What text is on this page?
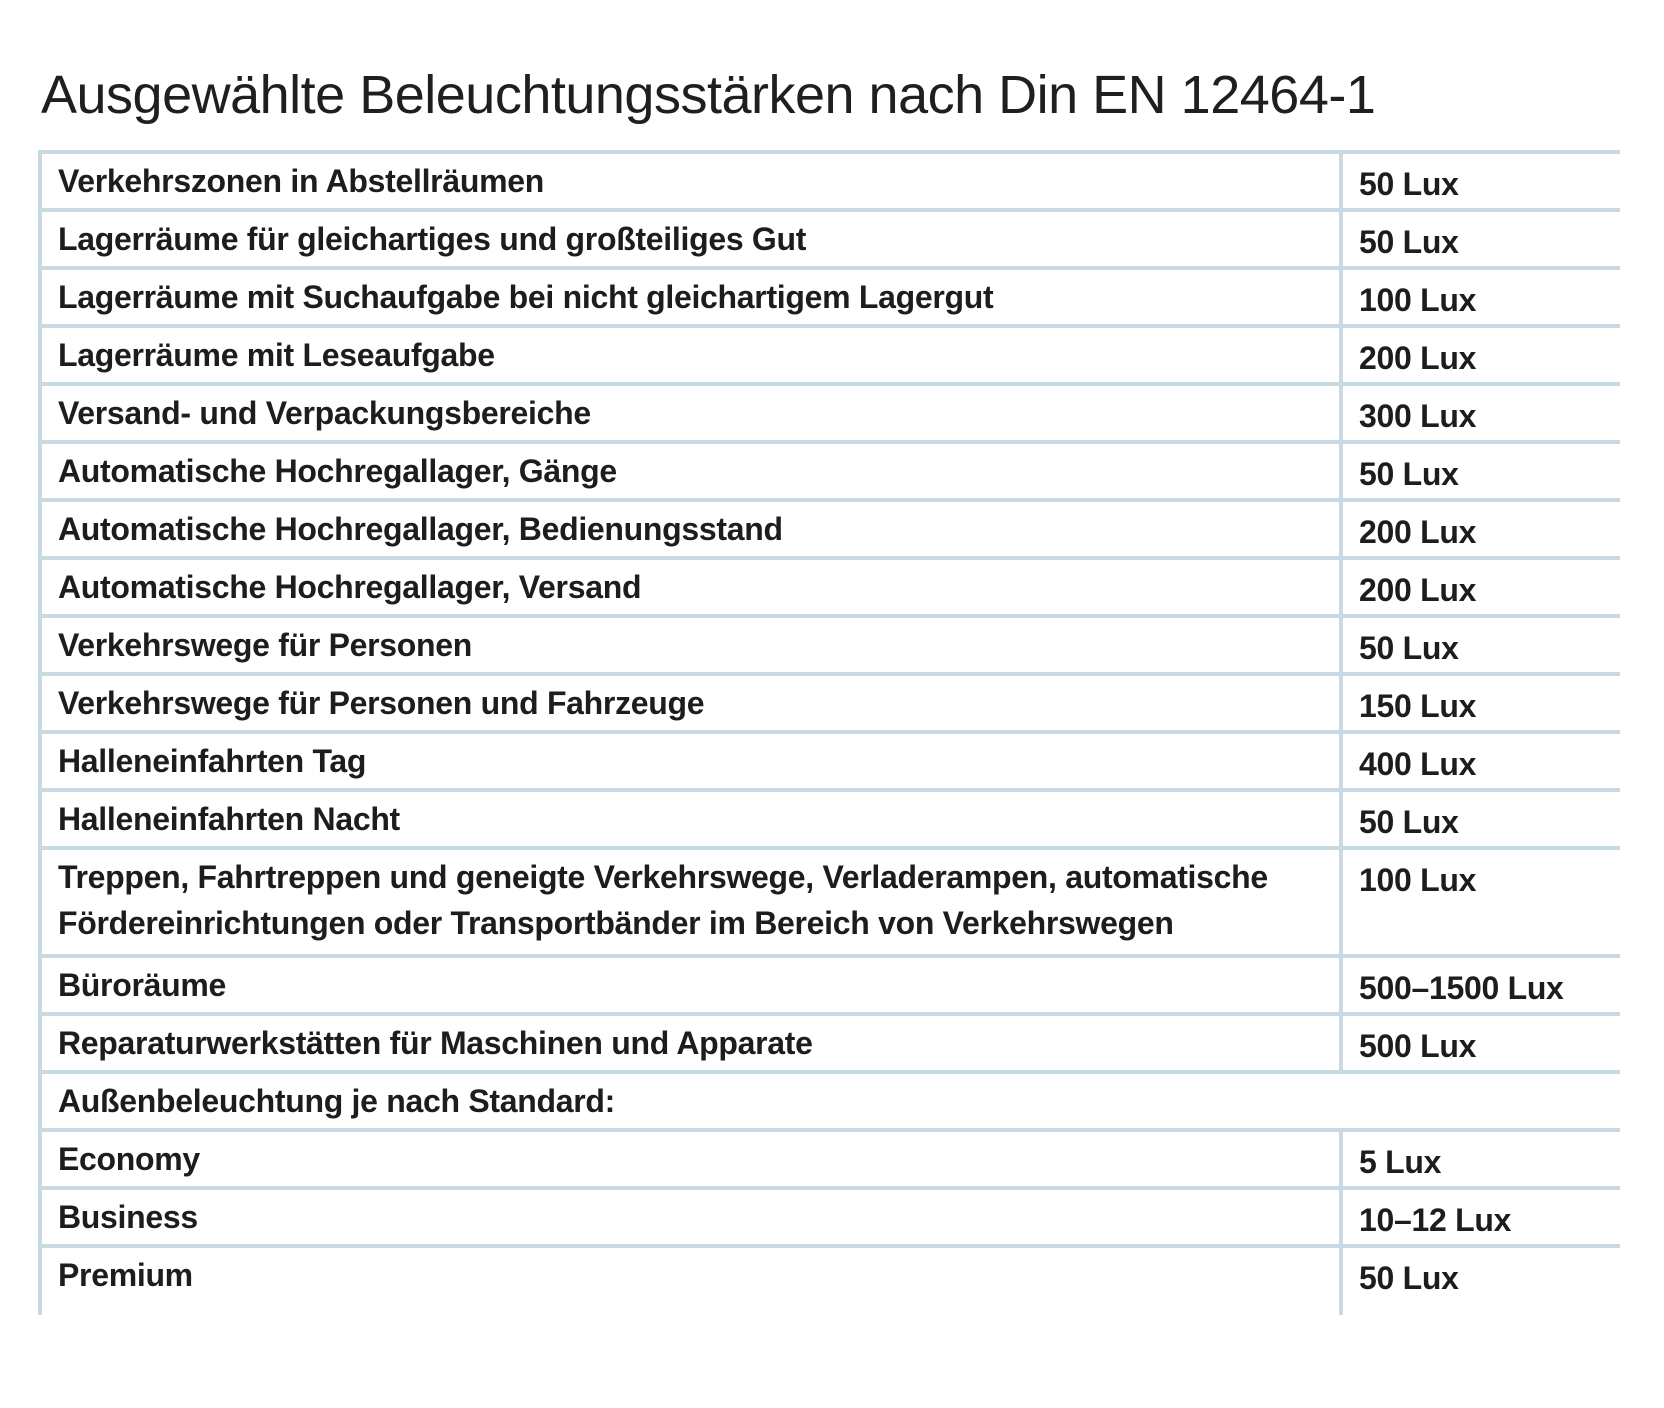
Ausgewählte Beleuchtungsstärken nach Din EN 12464-1
Verkehrszonen in Abstellräumen	50 Lux
Lagerräume für gleichartiges und großteiliges Gut	50 Lux
Lagerräume mit Suchaufgabe bei nicht gleichartigem Lagergut	100 Lux
Lagerräume mit Leseaufgabe	200 Lux
Versand- und Verpackungsbereiche	300 Lux
Automatische Hochregallager, Gänge	50 Lux
Automatische Hochregallager, Bedienungsstand	200 Lux
Automatische Hochregallager, Versand	200 Lux
Verkehrswege für Personen	50 Lux
Verkehrswege für Personen und Fahrzeuge	150 Lux
Halleneinfahrten Tag	400 Lux
Halleneinfahrten Nacht	50 Lux
Treppen, Fahrtreppen und geneigte Verkehrswege, Verladerampen, automatische
Fördereinrichtungen oder Transportbänder im Bereich von Verkehrswegen
100 Lux
Büroräume	500–1500 Lux
Reparaturwerkstätten für Maschinen und Apparate	500 Lux
Außenbeleuchtung je nach Standard:
Economy	5 Lux
Business	10–12 Lux
Premium	50 Lux
